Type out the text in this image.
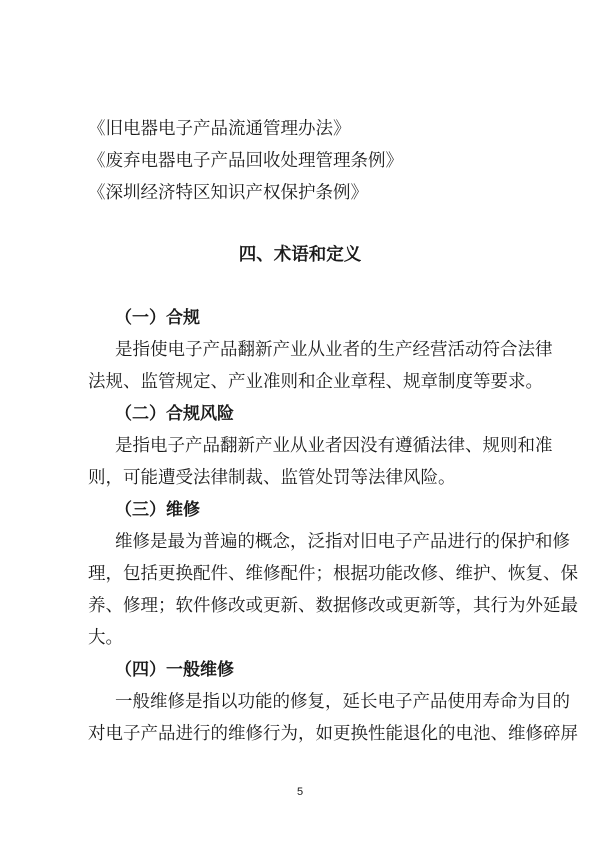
《旧电器电子产品流通管理办法》
《废弃电器电子产品回收处理管理条例》
《深圳经济特区知识产权保护条例》
四、术语和定义
（一）合规
是指使电子产品翻新产业从业者的生产经营活动符合法律
法规、监管规定、产业准则和企业章程、规章制度等要求。
（二）合规风险
是指电子产品翻新产业从业者因没有遵循法律、规则和准
则，可能遭受法律制裁、监管处罚等法律风险。
（三）维修
维修是最为普遍的概念，泛指对旧电子产品进行的保护和修
理，包括更换配件、维修配件；根据功能改修、维护、恢复、保
养、修理；软件修改或更新、数据修改或更新等，其行为外延最
大。
（四）一般维修
一般维修是指以功能的修复，延长电子产品使用寿命为目的
对电子产品进行的维修行为，如更换性能退化的电池、维修碎屏
5
